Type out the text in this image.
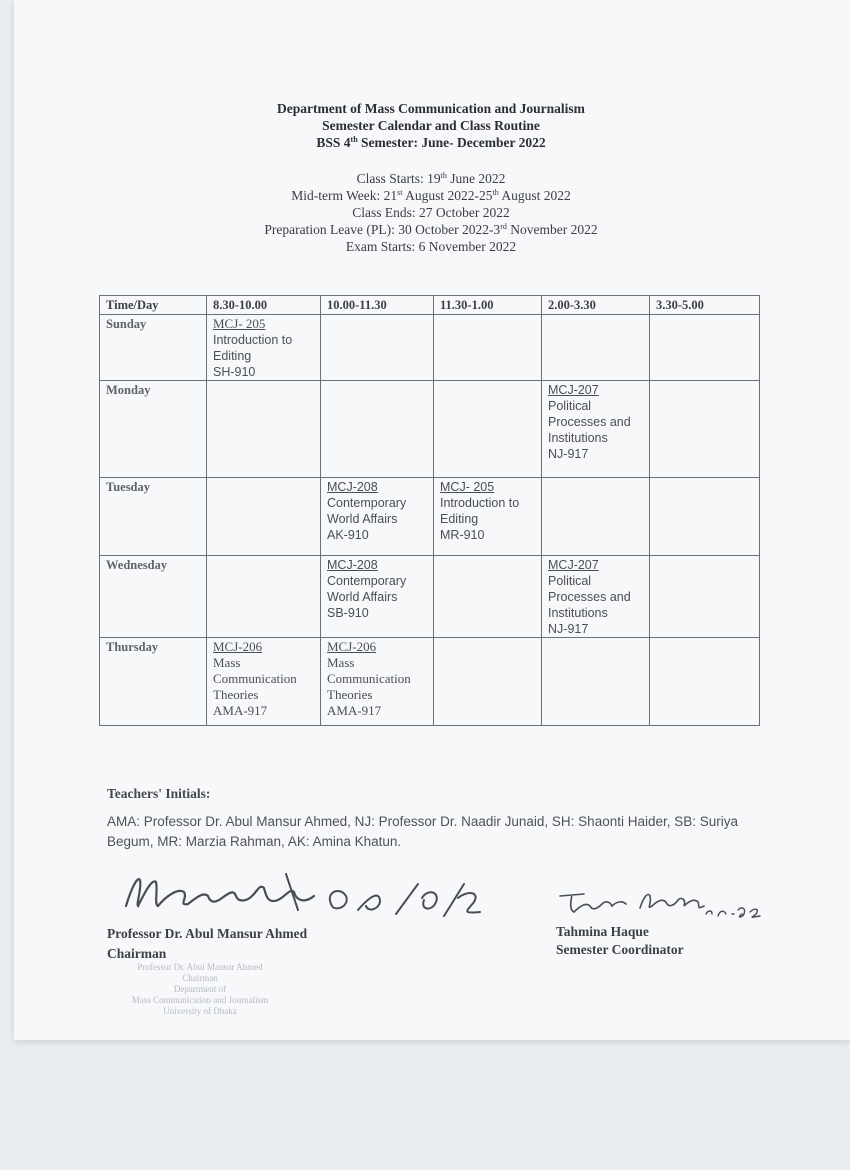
Department of Mass Communication and Journalism
Semester Calendar and Class Routine
BSS 4th Semester: June- December 2022
Class Starts: 19th June 2022
Mid-term Week: 21st August 2022-25th August 2022
Class Ends: 27 October 2022
Preparation Leave (PL): 30 October 2022-3rd November 2022
Exam Starts: 6 November 2022
Time/Day	8.30-10.00	10.00-11.30	11.30-1.00	2.00-3.30	3.30-5.00
Sunday	MCJ- 205
Introduction to
Editing
SH-910				

Monday				MCJ-207
Political
Processes and
Institutions
NJ-917	

Tuesday		MCJ-208
Contemporary
World Affairs
AK-910	MCJ- 205
Introduction to
Editing
MR-910		

Wednesday		MCJ-208
Contemporary
World Affairs
SB-910		MCJ-207
Political
Processes and
Institutions
NJ-917	

Thursday	MCJ-206
Mass
Communication
Theories
AMA-917	MCJ-206
Mass
Communication
Theories
AMA-917			

Teachers' Initials:
AMA: Professor Dr. Abul Mansur Ahmed, NJ: Professor Dr. Naadir Junaid, SH: Shaonti Haider, SB: Suriya Begum, MR: Marzia Rahman, AK: Amina Khatun.
Professor Dr. Abul Mansur Ahmed
Chairman
Tahmina Haque
Semester Coordinator
Professor Dr. Abul Mansur Ahmed
Chairman
Department of
Mass Communication and Journalism
University of Dhaka
